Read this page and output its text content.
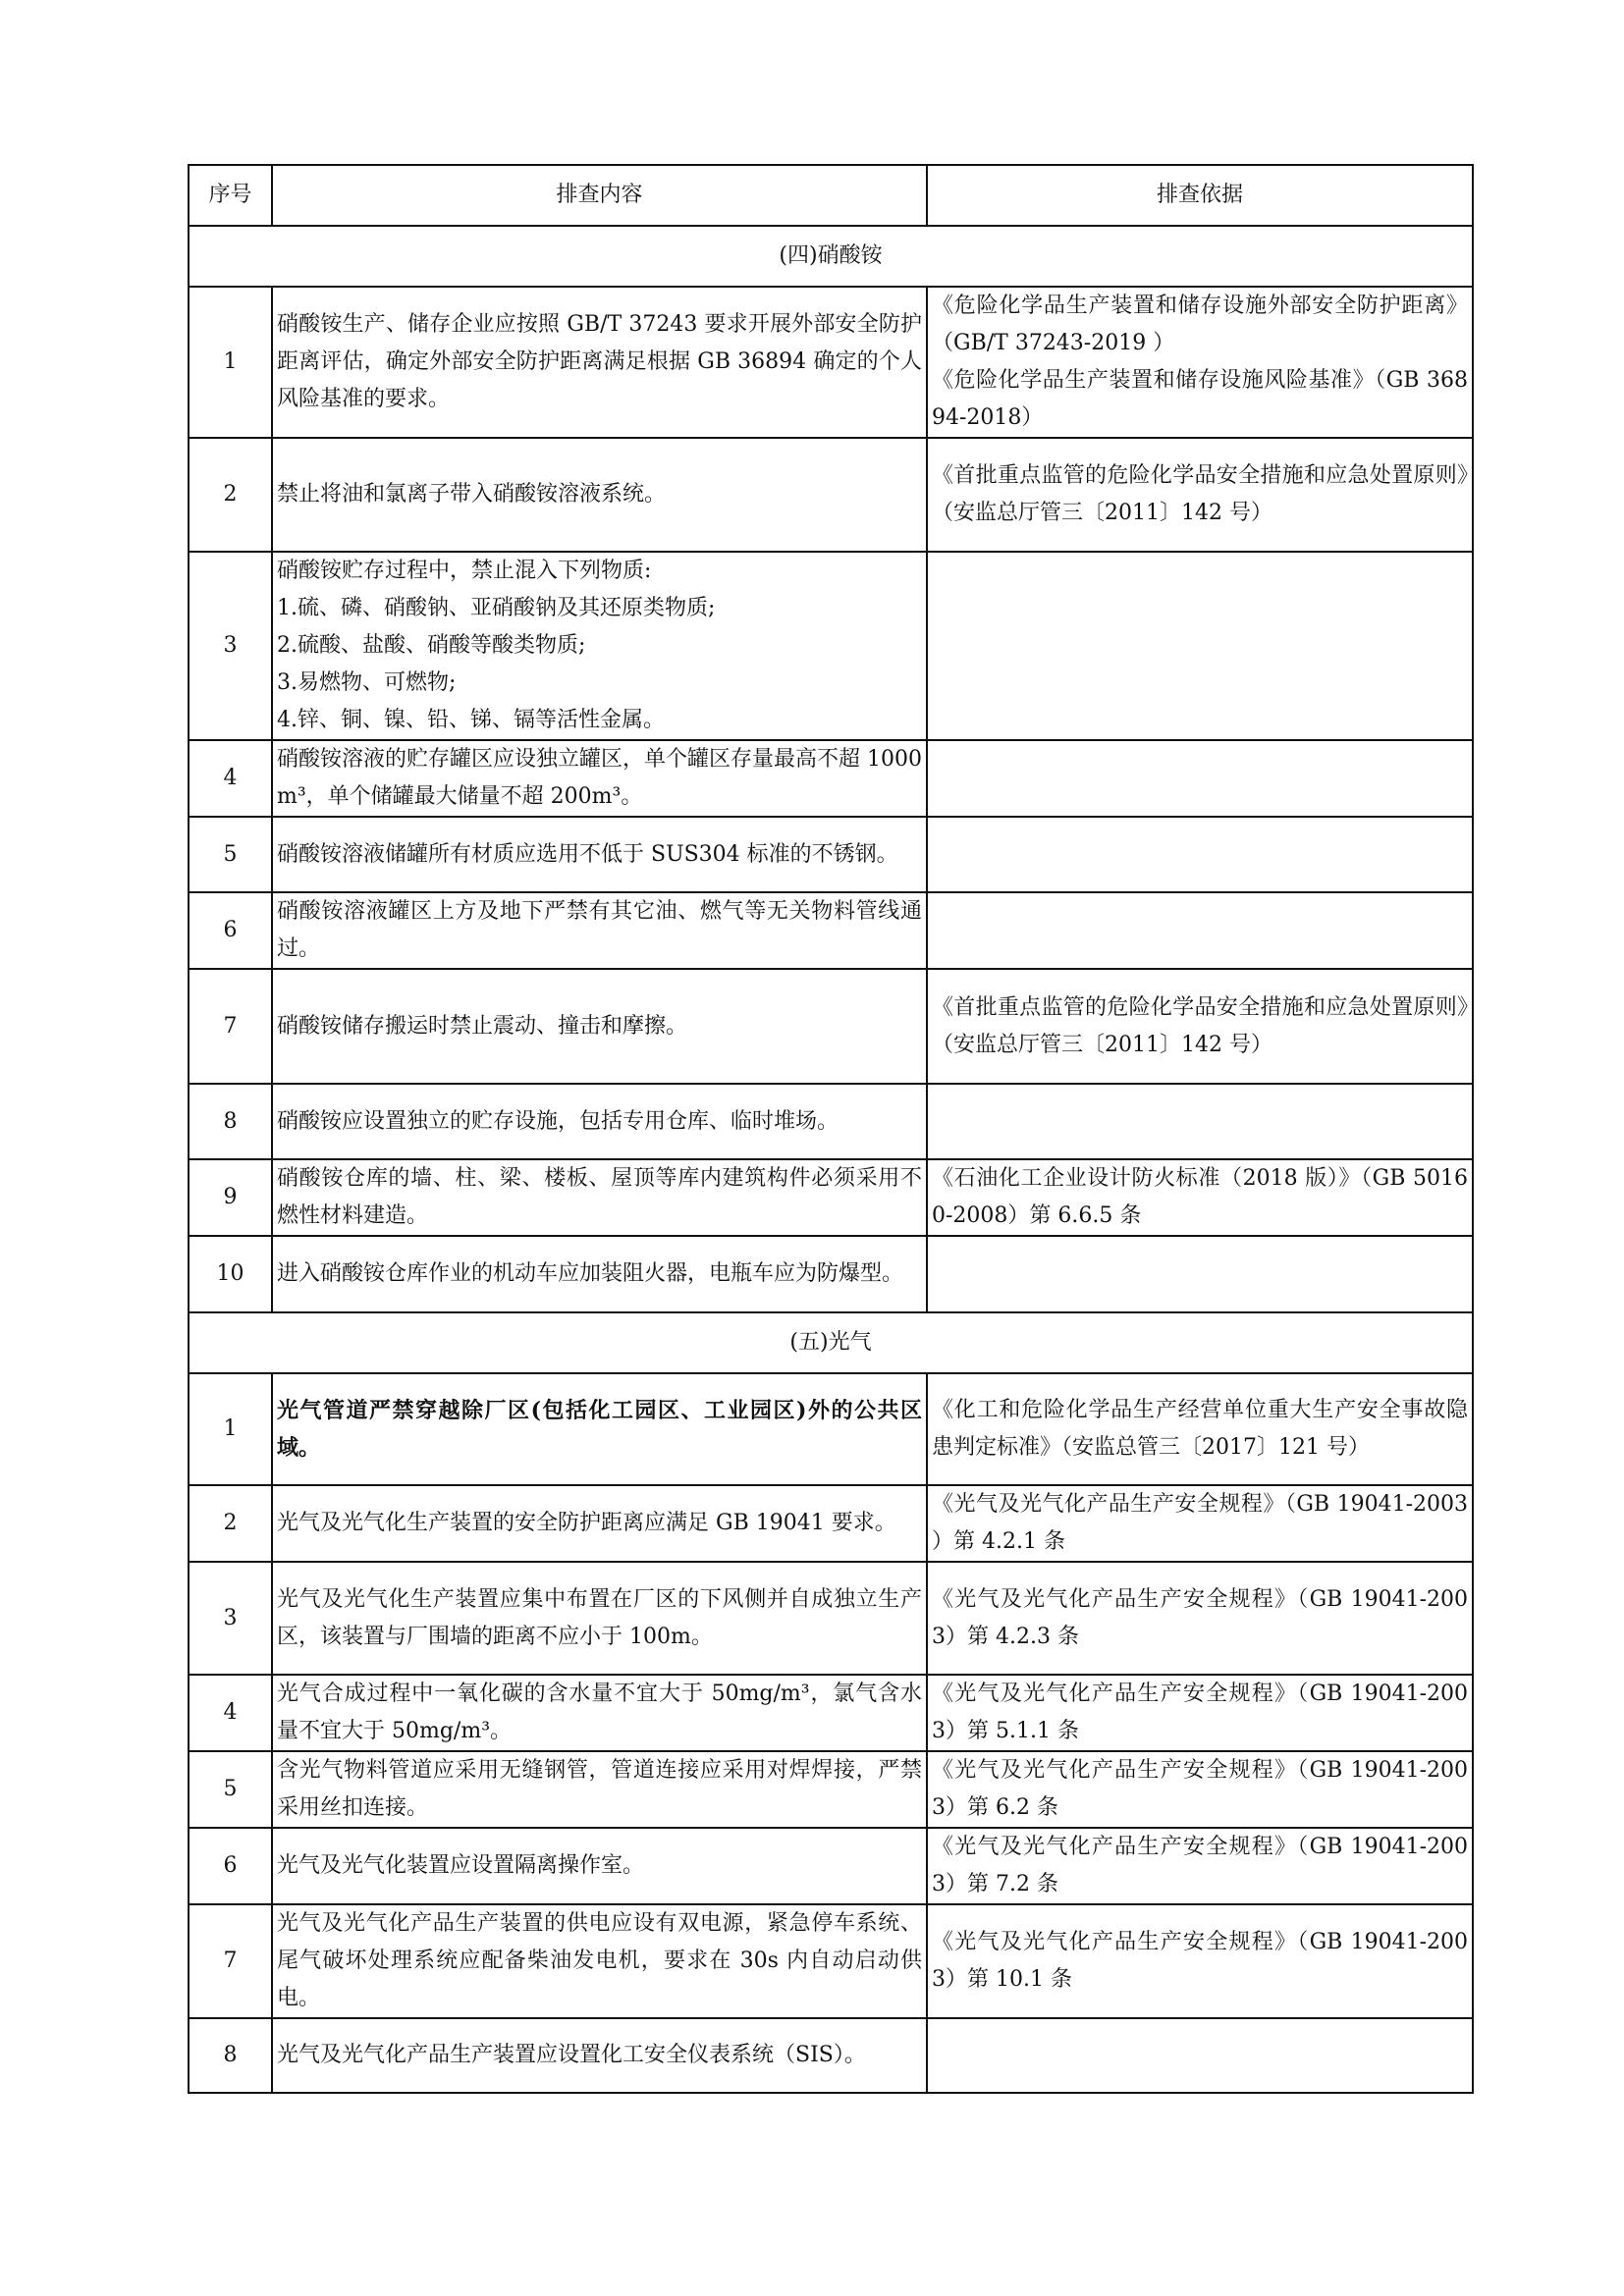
序号	排查内容	排查依据
(四)硝酸铵		
1	硝酸铵生产、储存企业应按照 GB/T 37243 要求开展外部安全防护距离评估，确定外部安全防护距离满足根据 GB 36894 确定的个人风险基准的要求。	《危险化学品生产装置和储存设施外部安全防护距离》（GB/T 37243-2019 ）
《危险化学品生产装置和储存设施风险基准》（GB 36894-2018）
2	禁止将油和氯离子带入硝酸铵溶液系统。	《首批重点监管的危险化学品安全措施和应急处置原则》（安监总厅管三〔2011〕142 号）
3	硝酸铵贮存过程中，禁止混入下列物质:
1.硫、磷、硝酸钠、亚硝酸钠及其还原类物质;
2.硫酸、盐酸、硝酸等酸类物质;
3.易燃物、可燃物;
4.锌、铜、镍、铅、锑、镉等活性金属。	
4	硝酸铵溶液的贮存罐区应设独立罐区，单个罐区存量最高不超 1000m³，单个储罐最大储量不超 200m³。	
5	硝酸铵溶液储罐所有材质应选用不低于 SUS304 标准的不锈钢。	
6	硝酸铵溶液罐区上方及地下严禁有其它油、燃气等无关物料管线通过。	
7	硝酸铵储存搬运时禁止震动、撞击和摩擦。	《首批重点监管的危险化学品安全措施和应急处置原则》（安监总厅管三〔2011〕142 号）
8	硝酸铵应设置独立的贮存设施，包括专用仓库、临时堆场。	
9	硝酸铵仓库的墙、柱、梁、楼板、屋顶等库内建筑构件必须采用不燃性材料建造。	《石油化工企业设计防火标准（2018 版）》（GB 50160-2008）第 6.6.5 条
10	进入硝酸铵仓库作业的机动车应加装阻火器，电瓶车应为防爆型。	
(五)光气		
1	光气管道严禁穿越除厂区(包括化工园区、工业园区)外的公共区域。	《化工和危险化学品生产经营单位重大生产安全事故隐患判定标准》（安监总管三〔2017〕121 号）
2	光气及光气化生产装置的安全防护距离应满足 GB 19041 要求。	《光气及光气化产品生产安全规程》（GB 19041-2003 ）第 4.2.1 条
3	光气及光气化生产装置应集中布置在厂区的下风侧并自成独立生产区，该装置与厂围墙的距离不应小于 100m。	《光气及光气化产品生产安全规程》（GB 19041-2003）第 4.2.3 条
4	光气合成过程中一氧化碳的含水量不宜大于 50mg/m³，氯气含水量不宜大于 50mg/m³。	《光气及光气化产品生产安全规程》（GB 19041-2003）第 5.1.1 条
5	含光气物料管道应采用无缝钢管，管道连接应采用对焊焊接，严禁采用丝扣连接。	《光气及光气化产品生产安全规程》（GB 19041-2003）第 6.2 条
6	光气及光气化装置应设置隔离操作室。	《光气及光气化产品生产安全规程》（GB 19041-2003）第 7.2 条
7	光气及光气化产品生产装置的供电应设有双电源，紧急停车系统、尾气破坏处理系统应配备柴油发电机，要求在 30s 内自动启动供电。	《光气及光气化产品生产安全规程》（GB 19041-2003）第 10.1 条
8	光气及光气化产品生产装置应设置化工安全仪表系统（SIS）。	
